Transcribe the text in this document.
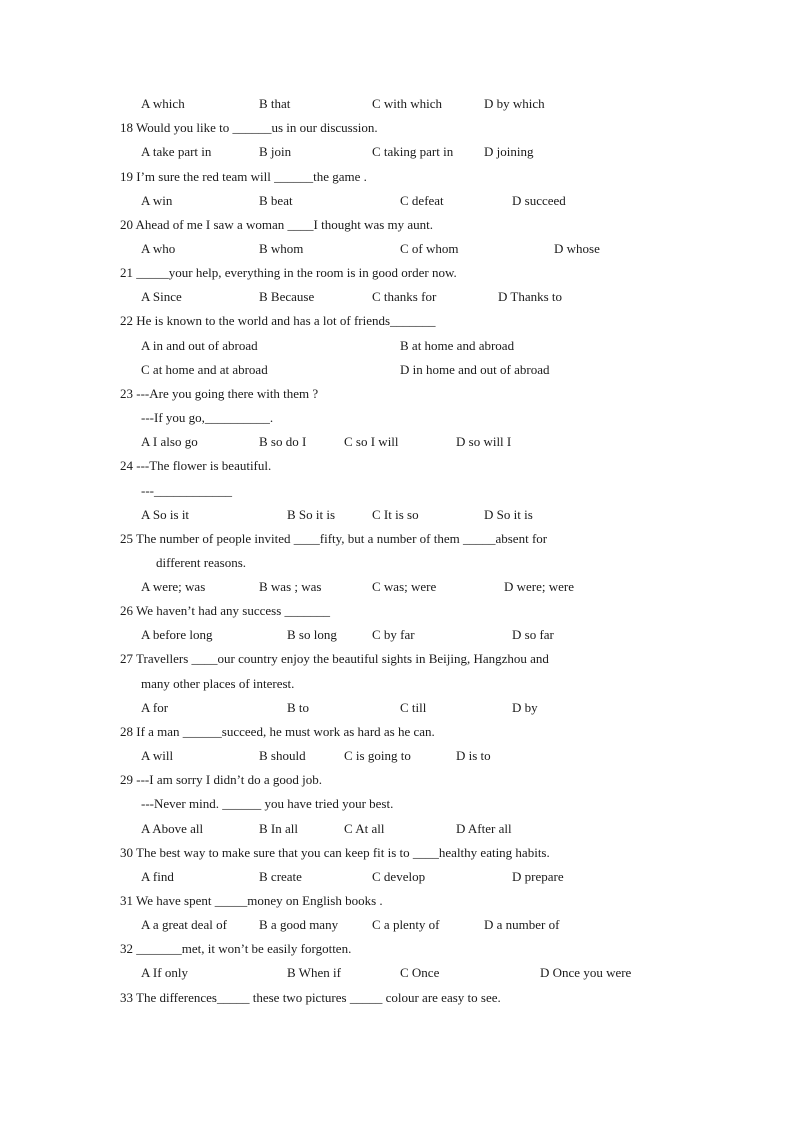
A which	B that	C with which	D by which
18 Would you like to ______us in our discussion.
A take part in	B join	C taking part in D joining
19 I’m sure the red team will ______the game .
A win	B beat	C defeat	D succeed
20 Ahead of me I saw a woman ____I thought was my aunt.
A who	B whom	C of whom	D whose
21 _____your help, everything in the room is in good order now.
A Since	B Because	C thanks for	D Thanks to
22 He is known to the world and has a lot of friends_______
A in and out of abroad	B at home and abroad
C at home and at abroad	D in home and out of abroad
23 ---Are you going there with them ?
---If you go,__________.
A I also go	B so do I	C so I will	D so will I
24 ---The flower is beautiful.
---____________
A So is it	B So it is	C It is so	D So it is
25 The number of people invited ____fifty, but a number of them _____absent for
different reasons.
A were; was	B was ; was	C was; were	D were; were
26 We haven’t had any success _______
A before long	B so long	C by far	D so far
27 Travellers ____our country enjoy the beautiful sights in Beijing, Hangzhou and
many other places of interest.
A for	B to	C till	D by
28 If a man ______succeed, he must work as hard as he can.
A will	B should	C is going to	D is to
29 ---I am sorry I didn’t do a good job.
---Never mind. ______ you have tried your best.
A Above all	B In all	C At all	D After all
30 The best way to make sure that you can keep fit is to ____healthy eating habits.
A find	B create	C develop	D prepare
31 We have spent _____money on English books .
A a great deal of B a good many	C a plenty of	D a number of
32 _______met, it won’t be easily forgotten.
A If only	B When if	C Once	D Once you were
33 The differences_____ these two pictures _____ colour are easy to see.
